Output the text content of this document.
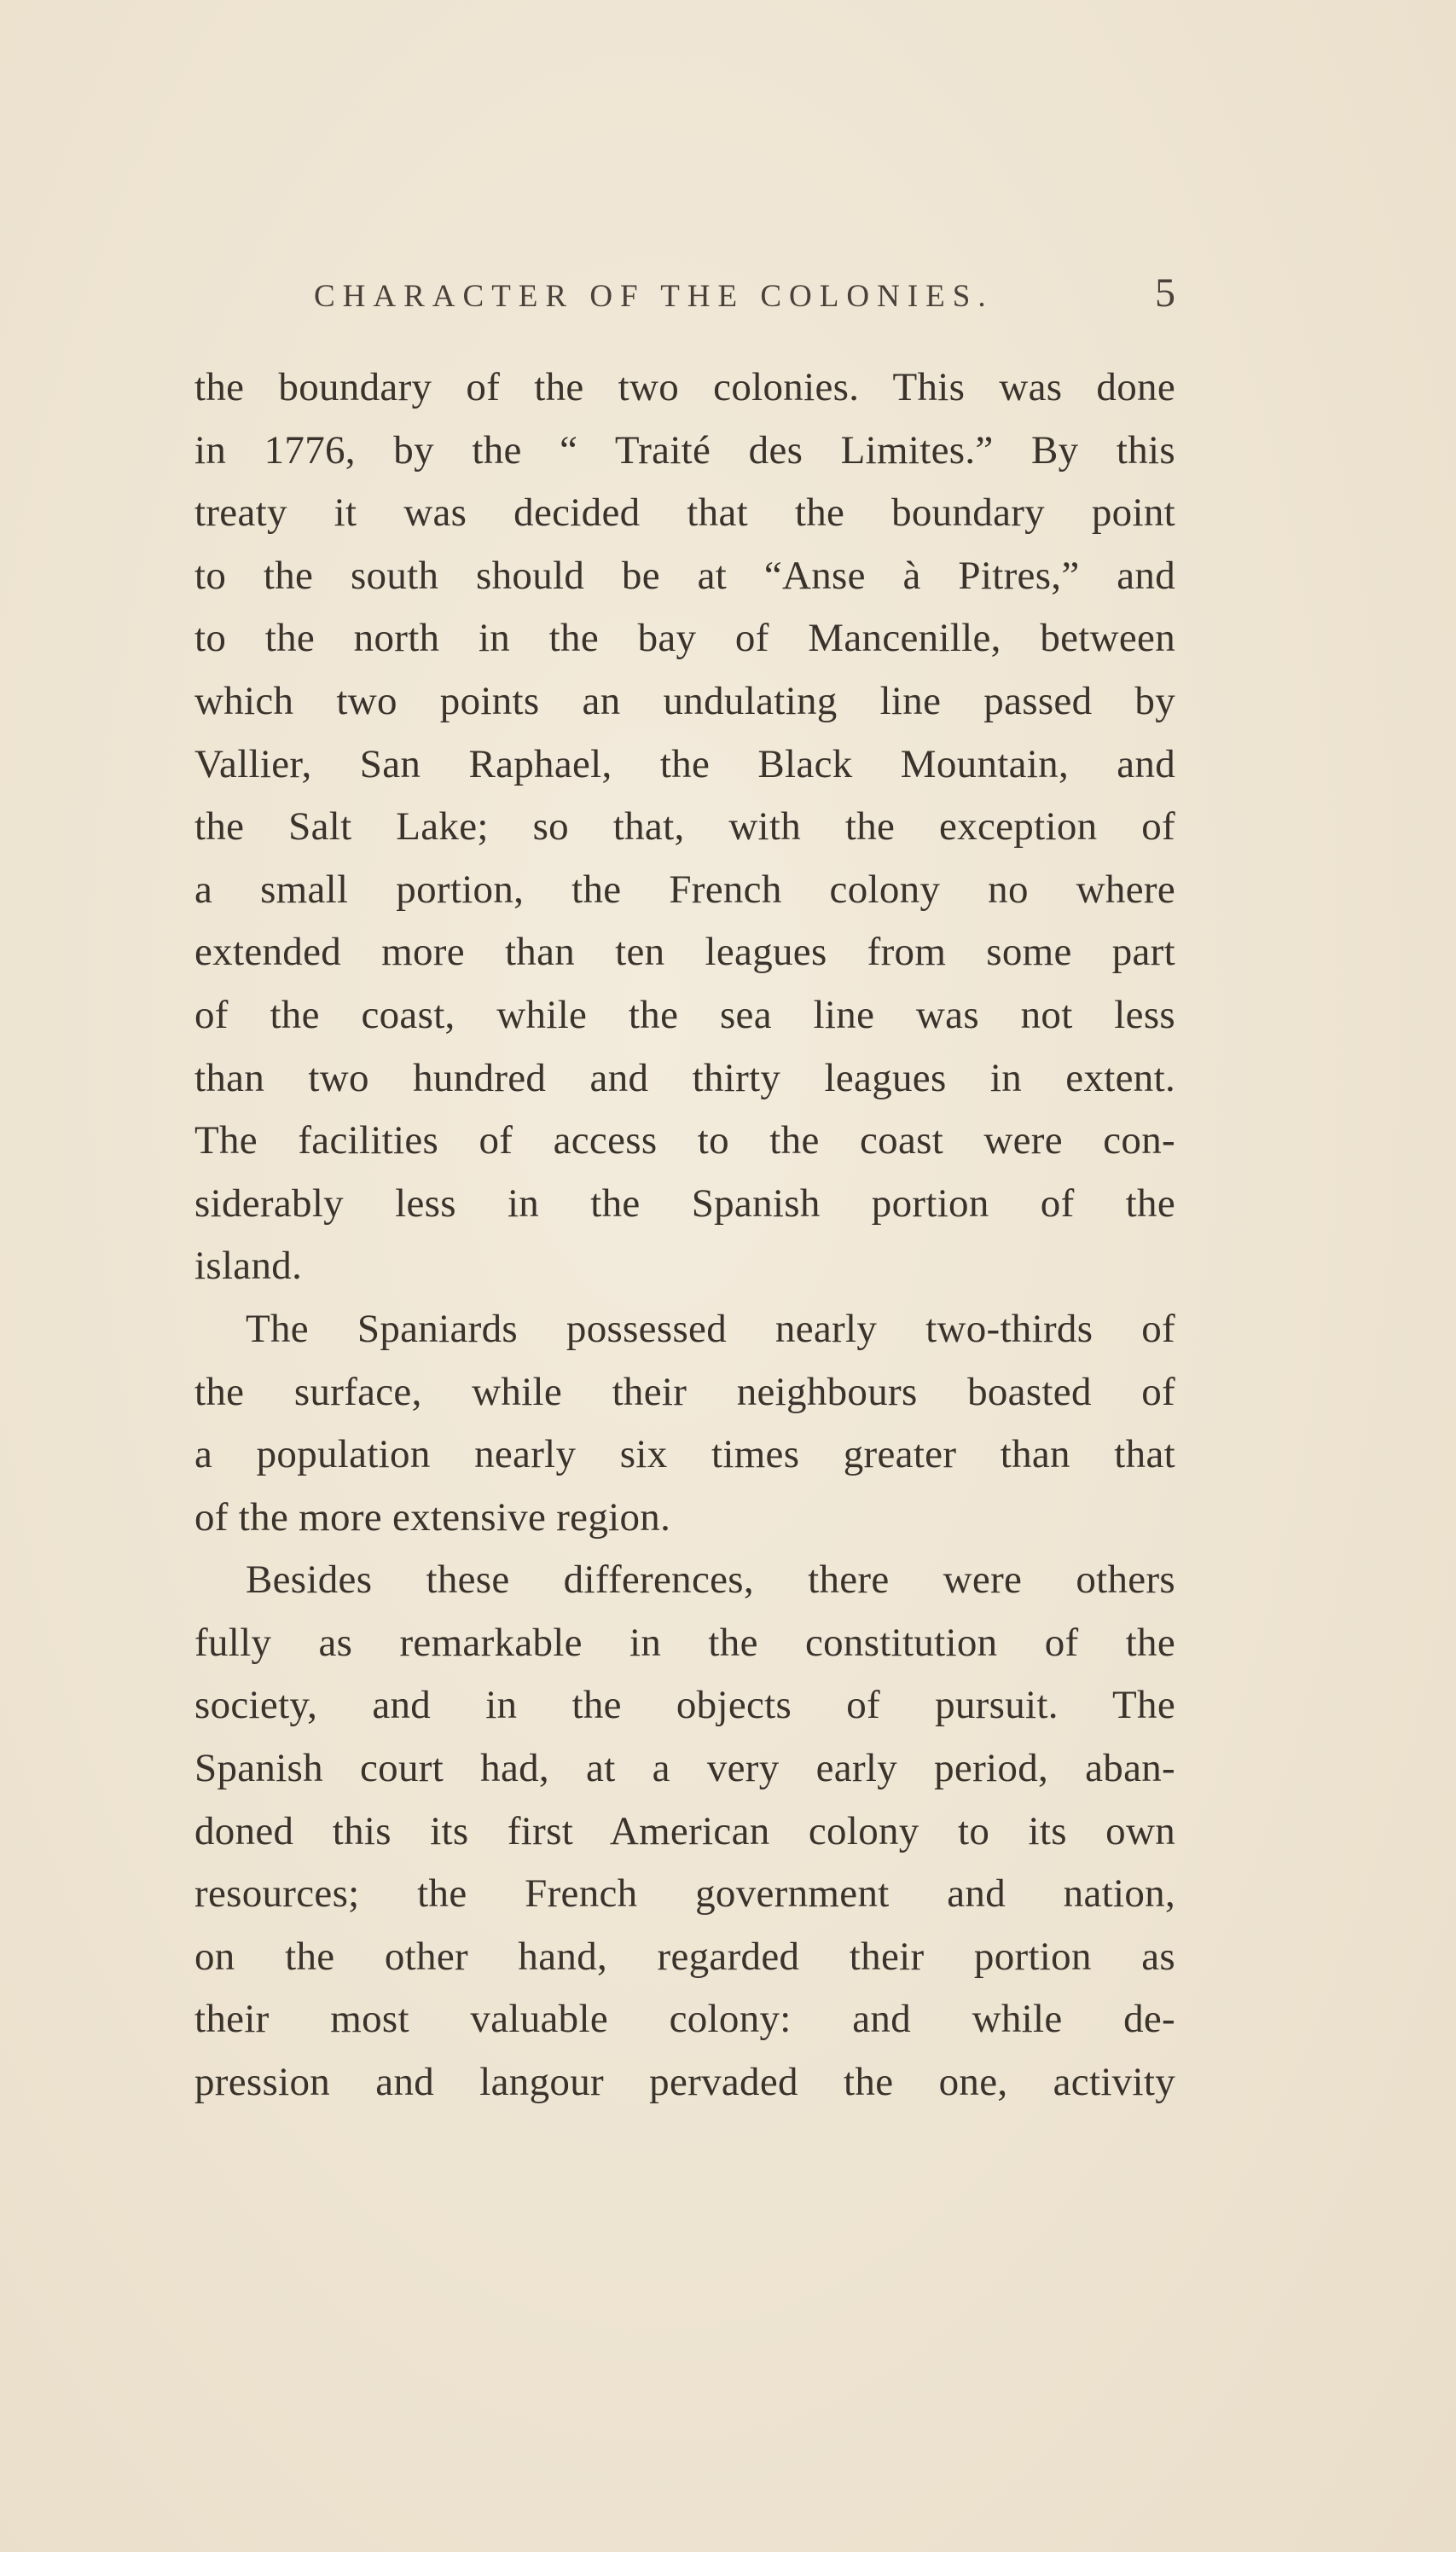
CHARACTER OF THE COLONIES.	5
the boundary of the two colonies. This was done
in 1776, by the “ Traité des Limites.” By this
treaty it was decided that the boundary point
to the south should be at “Anse à Pitres,” and
to the north in the bay of Mancenille, between
which two points an undulating line passed by
Vallier, San Raphael, the Black Mountain, and
the Salt Lake; so that, with the exception of
a small portion, the French colony no where
extended more than ten leagues from some part
of the coast, while the sea line was not less
than two hundred and thirty leagues in extent.
The facilities of access to the coast were con-
siderably less in the Spanish portion of the
island.
The Spaniards possessed nearly two-thirds of
the surface, while their neighbours boasted of
a population nearly six times greater than that
of the more extensive region.
Besides these differences, there were others
fully as remarkable in the constitution of the
society, and in the objects of pursuit. The
Spanish court had, at a very early period, aban-
doned this its first American colony to its own
resources; the French government and nation,
on the other hand, regarded their portion as
their most valuable colony: and while de-
pression and langour pervaded the one, activity
